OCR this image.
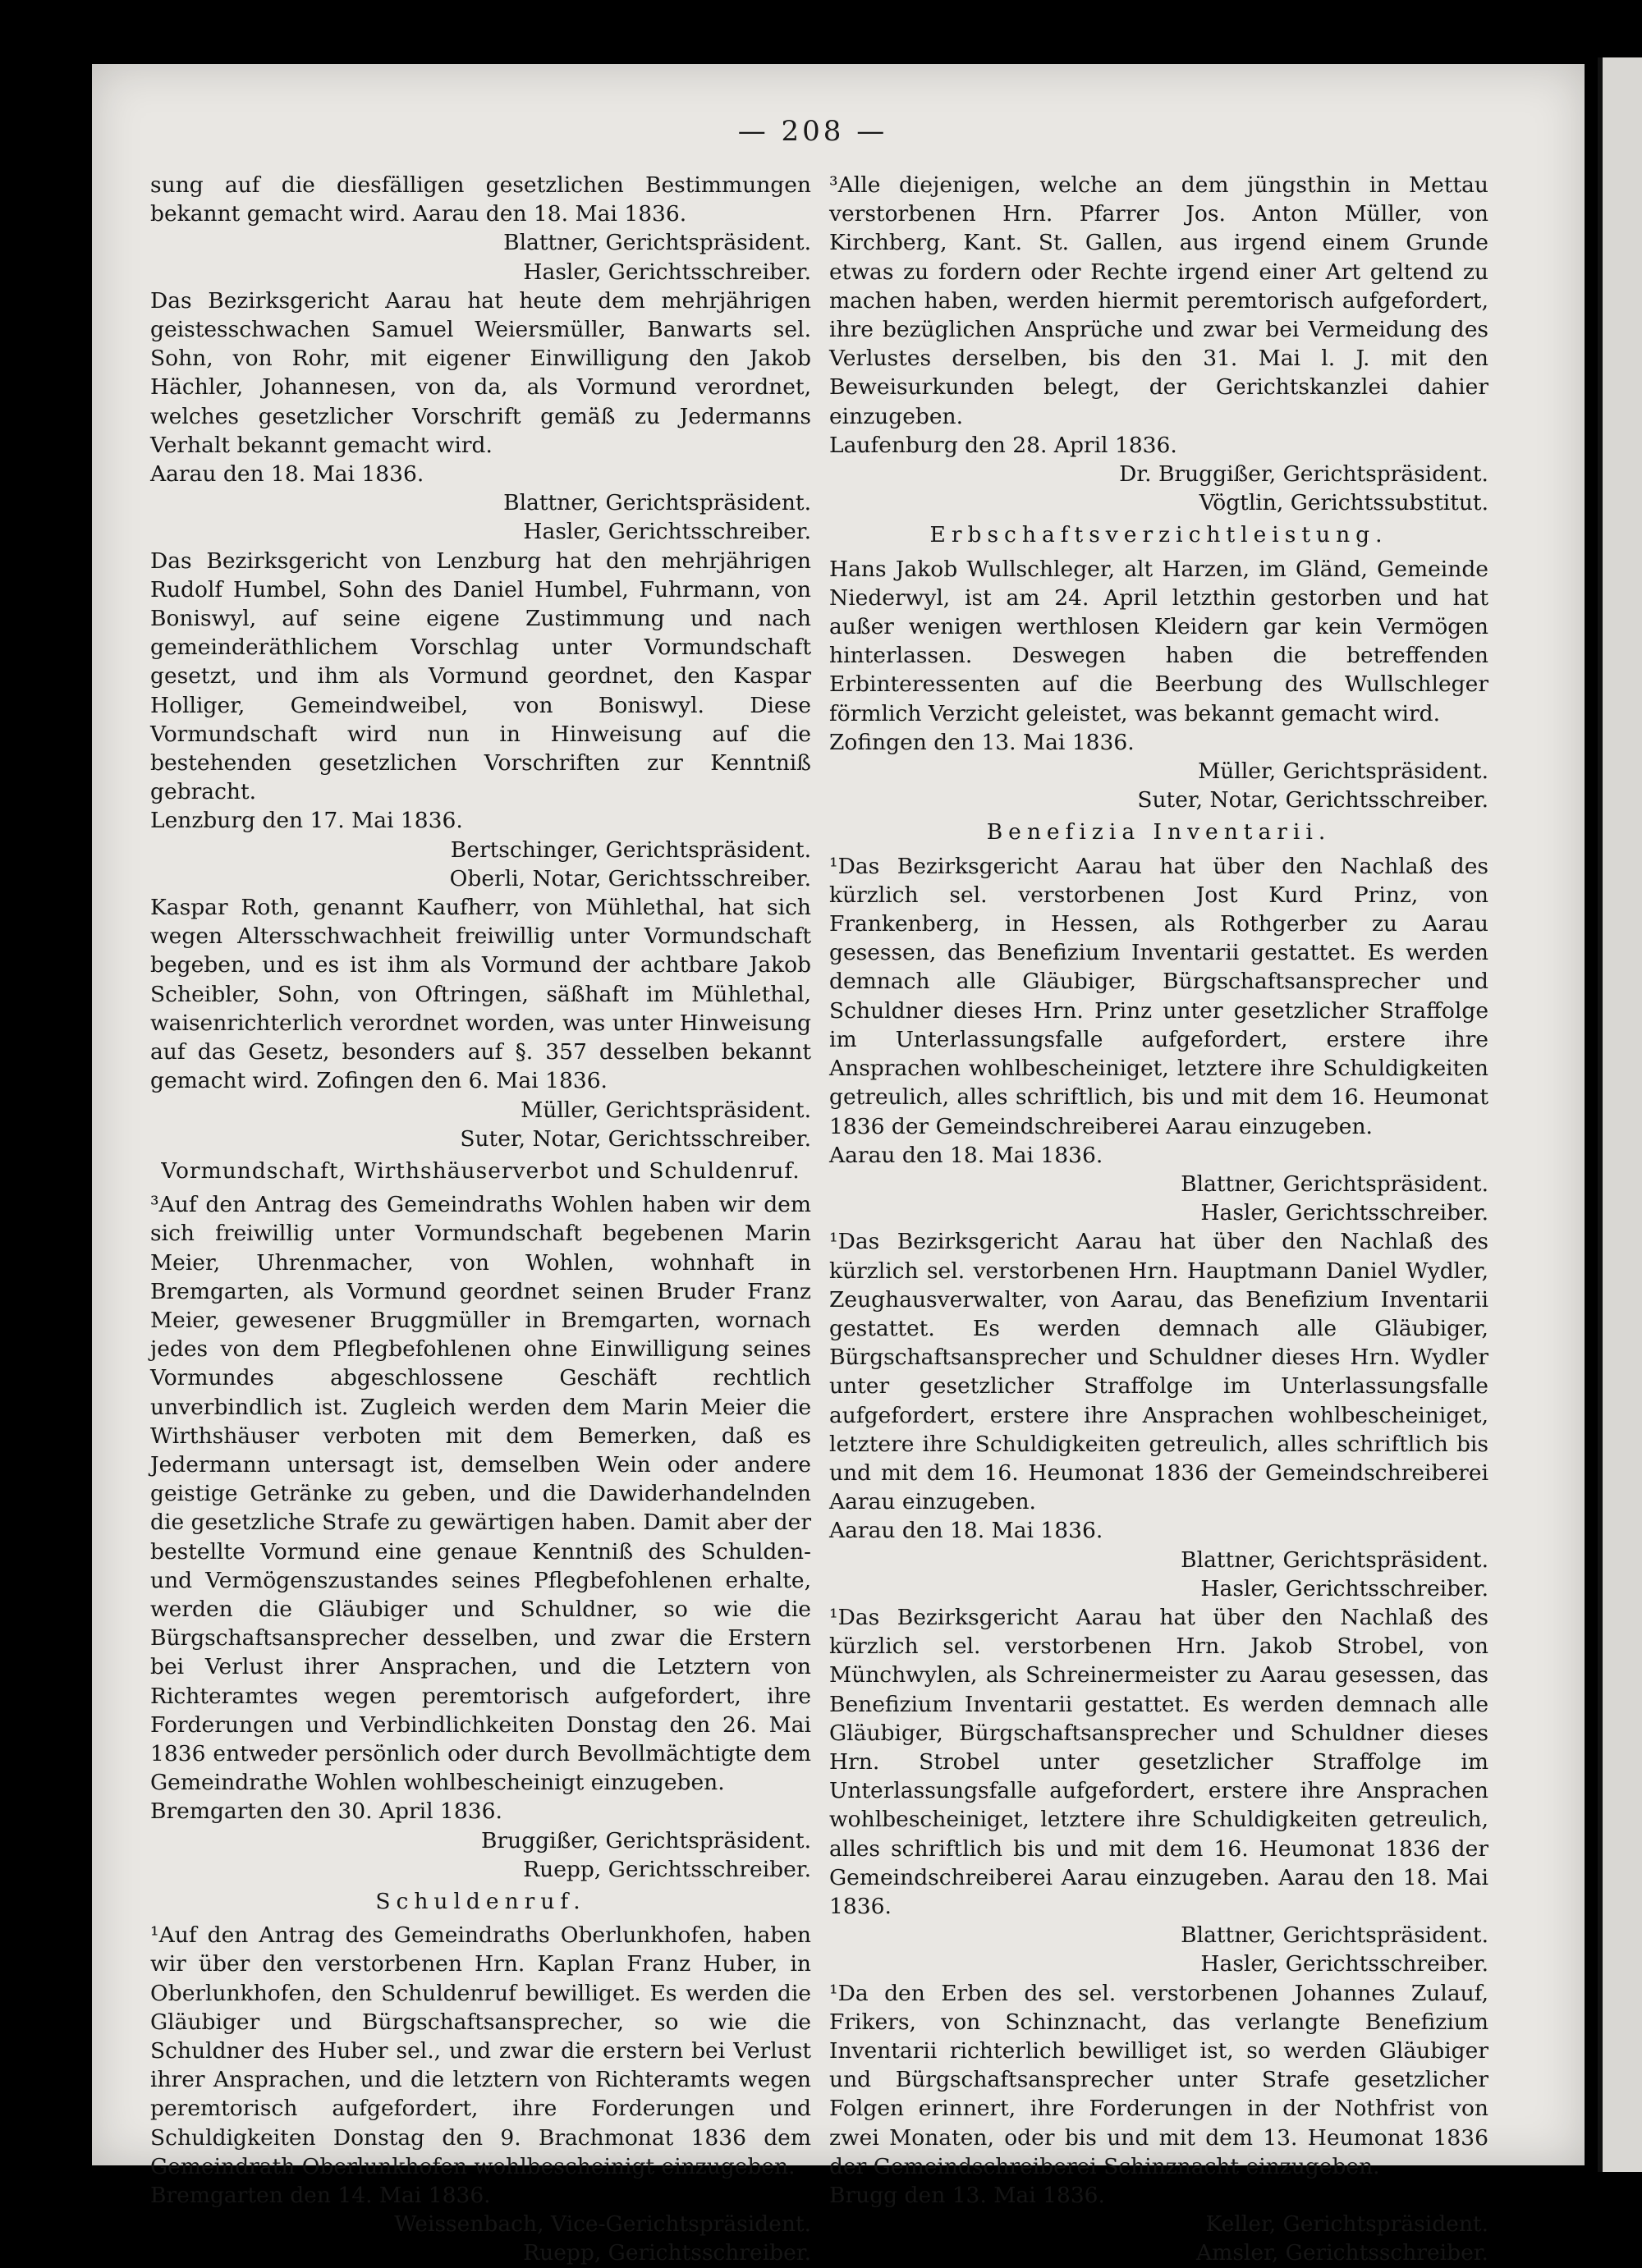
— 208 —

sung auf die diesfälligen gesetzlichen Bestimmungen bekannt gemacht wird. Aarau den 18. Mai 1836.

Blattner, Gerichtspräsident.

Hasler, Gerichtsschreiber.

Das Bezirksgericht Aarau hat heute dem mehrjährigen geistesschwachen Samuel Weiersmüller, Banwarts sel. Sohn, von Rohr, mit eigener Einwilligung den Jakob Hächler, Johannesen, von da, als Vormund verordnet, welches gesetzlicher Vorschrift gemäß zu Jedermanns Verhalt bekannt gemacht wird.

Aarau den 18. Mai 1836.

Blattner, Gerichtspräsident.

Hasler, Gerichtsschreiber.

Das Bezirksgericht von Lenzburg hat den mehrjährigen Rudolf Humbel, Sohn des Daniel Humbel, Fuhrmann, von Boniswyl, auf seine eigene Zustimmung und nach gemeinderäthlichem Vorschlag unter Vormundschaft gesetzt, und ihm als Vormund geordnet, den Kaspar Holliger, Gemeindweibel, von Boniswyl. Diese Vormundschaft wird nun in Hinweisung auf die bestehenden gesetzlichen Vorschriften zur Kenntniß gebracht.

Lenzburg den 17. Mai 1836.

Bertschinger, Gerichtspräsident.

Oberli, Notar, Gerichtsschreiber.

Kaspar Roth, genannt Kaufherr, von Mühlethal, hat sich wegen Altersschwachheit freiwillig unter Vormundschaft begeben, und es ist ihm als Vormund der achtbare Jakob Scheibler, Sohn, von Oftringen, säßhaft im Mühlethal, waisenrichterlich verordnet worden, was unter Hinweisung auf das Gesetz, besonders auf §. 357 desselben bekannt gemacht wird. Zofingen den 6. Mai 1836.

Müller, Gerichtspräsident.

Suter, Notar, Gerichtsschreiber.

Vormundschaft, Wirthshäuserverbot und Schuldenruf.

³Auf den Antrag des Gemeindraths Wohlen haben wir dem sich freiwillig unter Vormundschaft begebenen Marin Meier, Uhrenmacher, von Wohlen, wohnhaft in Bremgarten, als Vormund geordnet seinen Bruder Franz Meier, gewesener Bruggmüller in Bremgarten, wornach jedes von dem Pflegbefohlenen ohne Einwilligung seines Vormundes abgeschlossene Geschäft rechtlich unverbindlich ist. Zugleich werden dem Marin Meier die Wirthshäuser verboten mit dem Bemerken, daß es Jedermann untersagt ist, demselben Wein oder andere geistige Getränke zu geben, und die Dawiderhandelnden die gesetzliche Strafe zu gewärtigen haben. Damit aber der bestellte Vormund eine genaue Kenntniß des Schulden- und Vermögenszustandes seines Pflegbefohlenen erhalte, werden die Gläubiger und Schuldner, so wie die Bürgschaftsansprecher desselben, und zwar die Erstern bei Verlust ihrer Ansprachen, und die Letztern von Richteramtes wegen peremtorisch aufgefordert, ihre Forderungen und Verbindlichkeiten Donstag den 26. Mai 1836 entweder persönlich oder durch Bevollmächtigte dem Gemeindrathe Wohlen wohlbescheinigt einzugeben.

Bremgarten den 30. April 1836.

Bruggißer, Gerichtspräsident.

Ruepp, Gerichtsschreiber.

Schuldenruf.

¹Auf den Antrag des Gemeindraths Oberlunkhofen, haben wir über den verstorbenen Hrn. Kaplan Franz Huber, in Oberlunkhofen, den Schuldenruf bewilliget. Es werden die Gläubiger und Bürgschaftsansprecher, so wie die Schuldner des Huber sel., und zwar die erstern bei Verlust ihrer Ansprachen, und die letztern von Richteramts wegen peremtorisch aufgefordert, ihre Forderungen und Schuldigkeiten Donstag den 9. Brachmonat 1836 dem Gemeindrath Oberlunkhofen wohlbescheinigt einzugeben.

Bremgarten den 14. Mai 1836.

Weissenbach, Vice-Gerichtspräsident.

Ruepp, Gerichtsschreiber.

³Alle diejenigen, welche an dem jüngsthin in Mettau verstorbenen Hrn. Pfarrer Jos. Anton Müller, von Kirchberg, Kant. St. Gallen, aus irgend einem Grunde etwas zu fordern oder Rechte irgend einer Art geltend zu machen haben, werden hiermit peremtorisch aufgefordert, ihre bezüglichen Ansprüche und zwar bei Vermeidung des Verlustes derselben, bis den 31. Mai l. J. mit den Beweisurkunden belegt, der Gerichtskanzlei dahier einzugeben.

Laufenburg den 28. April 1836.

Dr. Bruggißer, Gerichtspräsident.

Vögtlin, Gerichtssubstitut.

Erbschaftsverzichtleistung.

Hans Jakob Wullschleger, alt Harzen, im Gländ, Gemeinde Niederwyl, ist am 24. April letzthin gestorben und hat außer wenigen werthlosen Kleidern gar kein Vermögen hinterlassen. Deswegen haben die betreffenden Erbinteressenten auf die Beerbung des Wullschleger förmlich Verzicht geleistet, was bekannt gemacht wird.

Zofingen den 13. Mai 1836.

Müller, Gerichtspräsident.

Suter, Notar, Gerichtsschreiber.

Benefizia Inventarii.

¹Das Bezirksgericht Aarau hat über den Nachlaß des kürzlich sel. verstorbenen Jost Kurd Prinz, von Frankenberg, in Hessen, als Rothgerber zu Aarau gesessen, das Benefizium Inventarii gestattet. Es werden demnach alle Gläubiger, Bürgschaftsansprecher und Schuldner dieses Hrn. Prinz unter gesetzlicher Straffolge im Unterlassungsfalle aufgefordert, erstere ihre Ansprachen wohlbescheiniget, letztere ihre Schuldigkeiten getreulich, alles schriftlich, bis und mit dem 16. Heumonat 1836 der Gemeindschreiberei Aarau einzugeben.

Aarau den 18. Mai 1836.

Blattner, Gerichtspräsident.

Hasler, Gerichtsschreiber.

¹Das Bezirksgericht Aarau hat über den Nachlaß des kürzlich sel. verstorbenen Hrn. Hauptmann Daniel Wydler, Zeughausverwalter, von Aarau, das Benefizium Inventarii gestattet. Es werden demnach alle Gläubiger, Bürgschaftsansprecher und Schuldner dieses Hrn. Wydler unter gesetzlicher Straffolge im Unterlassungsfalle aufgefordert, erstere ihre Ansprachen wohlbescheiniget, letztere ihre Schuldigkeiten getreulich, alles schriftlich bis und mit dem 16. Heumonat 1836 der Gemeindschreiberei Aarau einzugeben.

Aarau den 18. Mai 1836.

Blattner, Gerichtspräsident.

Hasler, Gerichtsschreiber.

¹Das Bezirksgericht Aarau hat über den Nachlaß des kürzlich sel. verstorbenen Hrn. Jakob Strobel, von Münchwylen, als Schreinermeister zu Aarau gesessen, das Benefizium Inventarii gestattet. Es werden demnach alle Gläubiger, Bürgschaftsansprecher und Schuldner dieses Hrn. Strobel unter gesetzlicher Straffolge im Unterlassungsfalle aufgefordert, erstere ihre Ansprachen wohlbescheiniget, letztere ihre Schuldigkeiten getreulich, alles schriftlich bis und mit dem 16. Heumonat 1836 der Gemeindschreiberei Aarau einzugeben. Aarau den 18. Mai 1836.

Blattner, Gerichtspräsident.

Hasler, Gerichtsschreiber.

¹Da den Erben des sel. verstorbenen Johannes Zulauf, Frikers, von Schinznacht, das verlangte Benefizium Inventarii richterlich bewilliget ist, so werden Gläubiger und Bürgschaftsansprecher unter Strafe gesetzlicher Folgen erinnert, ihre Forderungen in der Nothfrist von zwei Monaten, oder bis und mit dem 13. Heumonat 1836 der Gemeindschreiberei Schinznacht einzugeben.

Brugg den 13. Mai 1836.

Keller, Gerichtspräsident.

Amsler, Gerichtsschreiber.
